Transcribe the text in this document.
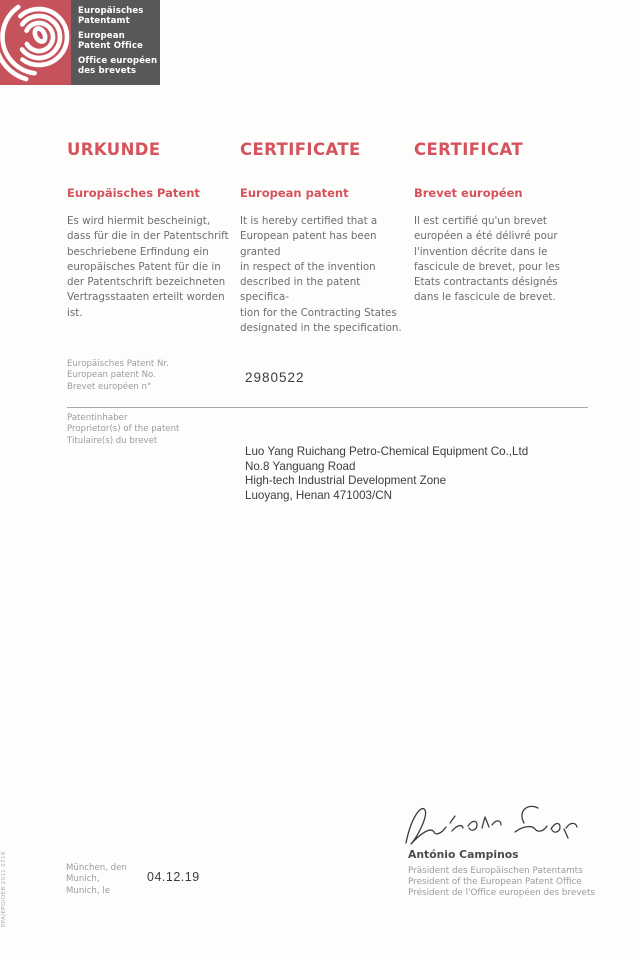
Europäisches
Patentamt
European
Patent Office
Office européen
des brevets
URKUNDE
Europäisches Patent
Es wird hiermit bescheinigt,
dass für die in der Patentschrift
beschriebene Erfindung ein
europäisches Patent für die in
der Patentschrift bezeichneten
Vertragsstaaten erteilt worden ist.
CERTIFICATE
European patent
It is hereby certified that a
European patent has been granted
in respect of the invention
described in the patent specifica-
tion for the Contracting States
designated in the specification.
CERTIFICAT
Brevet européen
Il est certifié qu'un brevet
européen a été délivré pour
l'invention décrite dans le
fascicule de brevet, pour les
Etats contractants désignés
dans le fascicule de brevet.
Europäisches Patent Nr.
European patent No.
Brevet européen n°
2980522
Patentinhaber
Proprietor(s) of the patent
Titulaire(s) du brevet
Luo Yang Ruichang Petro-Chemical Equipment Co.,Ltd
No.8 Yanguang Road
High-tech Industrial Development Zone
Luoyang, Henan 471003/CN
António Campinos
Präsident des Europäischen Patentamts
President of the European Patent Office
Président de l'Office européen des brevets
München, den
Munich,
Munich, le
04.12.19
EPA/EPO/OEB 2011 0718
